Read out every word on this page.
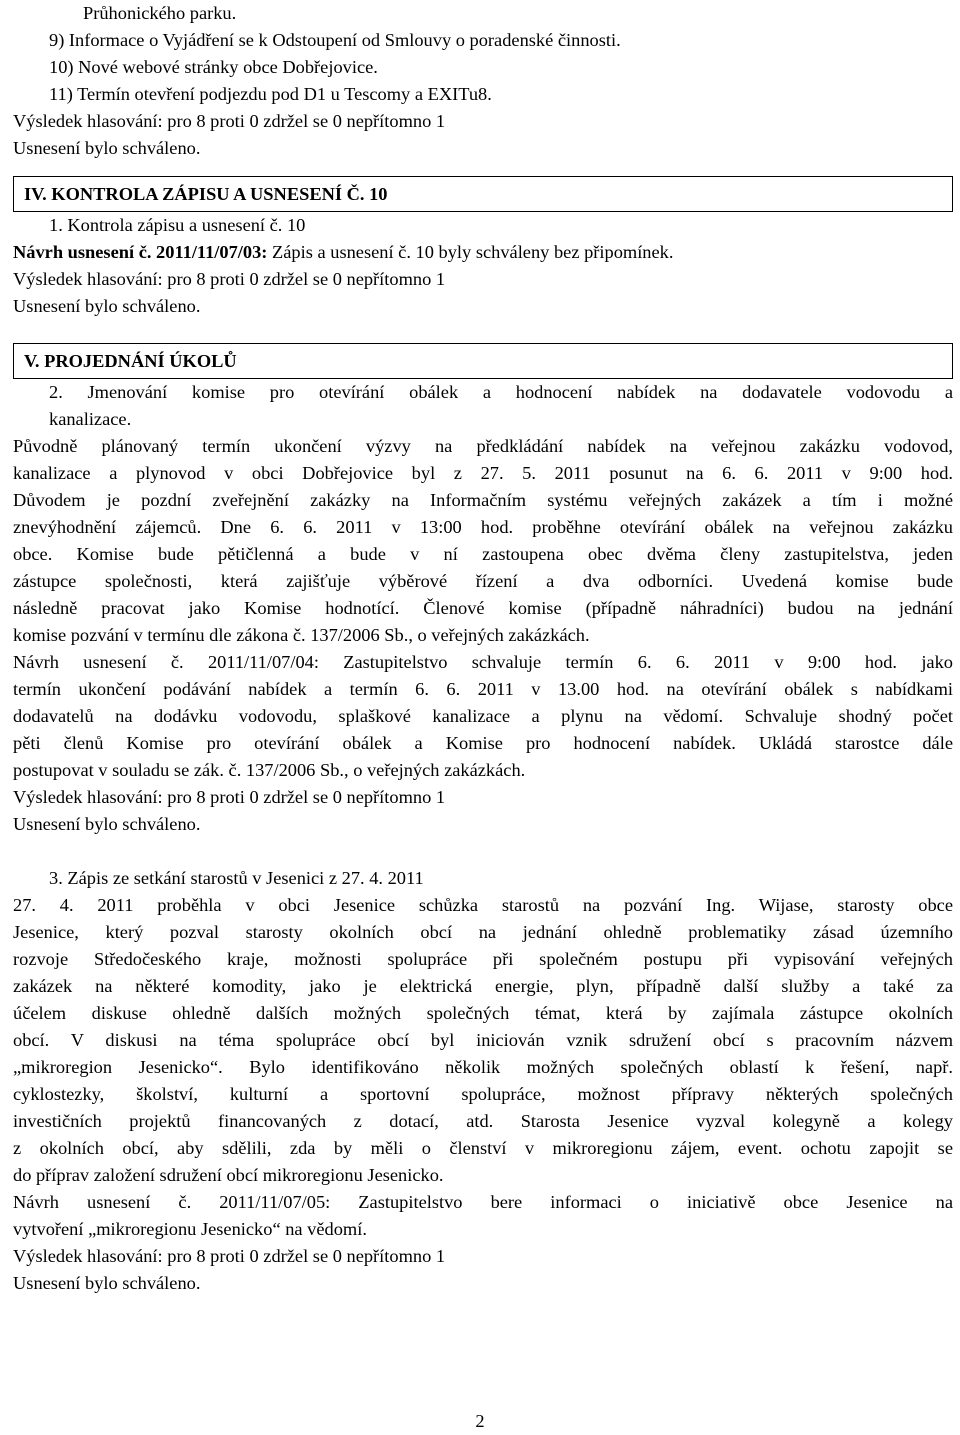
Průhonického parku.
9) Informace o Vyjádření se k Odstoupení od Smlouvy o poradenské činnosti.
10) Nové webové stránky obce Dobřejovice.
11) Termín otevření podjezdu pod D1 u Tescomy a EXITu8.
Výsledek hlasování: pro 8 proti 0 zdržel se 0 nepřítomno 1
Usnesení bylo schváleno.
IV. KONTROLA ZÁPISU A USNESENÍ Č. 10
1. Kontrola zápisu a usnesení č. 10
Návrh usnesení č. 2011/11/07/03: Zápis a usnesení č. 10 byly schváleny bez připomínek.
Výsledek hlasování: pro 8 proti 0 zdržel se 0 nepřítomno 1
Usnesení bylo schváleno.
V. PROJEDNÁNÍ ÚKOLŮ
2. Jmenování komise pro otevírání obálek a hodnocení nabídek na dodavatele vodovodu a
kanalizace.
Původně plánovaný termín ukončení výzvy na předkládání nabídek na veřejnou zakázku vodovod,
kanalizace a plynovod v obci Dobřejovice byl z 27. 5. 2011 posunut na 6. 6. 2011 v 9:00 hod.
Důvodem je pozdní zveřejnění zakázky na Informačním systému veřejných zakázek a tím i možné
znevýhodnění zájemců. Dne 6. 6. 2011 v 13:00 hod. proběhne otevírání obálek na veřejnou zakázku
obce. Komise bude pětičlenná a bude v ní zastoupena obec dvěma členy zastupitelstva, jeden
zástupce společnosti, která zajišťuje výběrové řízení a dva odborníci. Uvedená komise bude
následně pracovat jako Komise hodnotící. Členové komise (případně náhradníci) budou na jednání
komise pozvání v termínu dle zákona č. 137/2006 Sb., o veřejných zakázkách.
Návrh usnesení č. 2011/11/07/04: Zastupitelstvo schvaluje termín 6. 6. 2011 v 9:00 hod. jako
termín ukončení podávání nabídek a termín 6. 6. 2011 v 13.00 hod. na otevírání obálek s nabídkami
dodavatelů na dodávku vodovodu, splaškové kanalizace a plynu na vědomí. Schvaluje shodný počet
pěti členů Komise pro otevírání obálek a Komise pro hodnocení nabídek. Ukládá starostce dále
postupovat v souladu se zák. č. 137/2006 Sb., o veřejných zakázkách.
Výsledek hlasování: pro 8 proti 0 zdržel se 0 nepřítomno 1
Usnesení bylo schváleno.
3. Zápis ze setkání starostů v Jesenici z 27. 4. 2011
27. 4. 2011 proběhla v obci Jesenice schůzka starostů na pozvání Ing. Wijase, starosty obce
Jesenice, který pozval starosty okolních obcí na jednání ohledně problematiky zásad územního
rozvoje Středočeského kraje, možnosti spolupráce při společném postupu při vypisování veřejných
zakázek na některé komodity, jako je elektrická energie, plyn, případně další služby a také za
účelem diskuse ohledně dalších možných společných témat, která by zajímala zástupce okolních
obcí. V diskusi na téma spolupráce obcí byl iniciován vznik sdružení obcí s pracovním názvem
„mikroregion Jesenicko“. Bylo identifikováno několik možných společných oblastí k řešení, např.
cyklostezky, školství, kulturní a sportovní spolupráce, možnost přípravy některých společných
investičních projektů financovaných z dotací, atd. Starosta Jesenice vyzval kolegyně a kolegy
z okolních obcí, aby sdělili, zda by měli o členství v mikroregionu zájem, event. ochotu zapojit se
do příprav založení sdružení obcí mikroregionu Jesenicko.
Návrh usnesení č. 2011/11/07/05: Zastupitelstvo bere informaci o iniciativě obce Jesenice na
vytvoření „mikroregionu Jesenicko“ na vědomí.
Výsledek hlasování: pro 8 proti 0 zdržel se 0 nepřítomno 1
Usnesení bylo schváleno.
2
